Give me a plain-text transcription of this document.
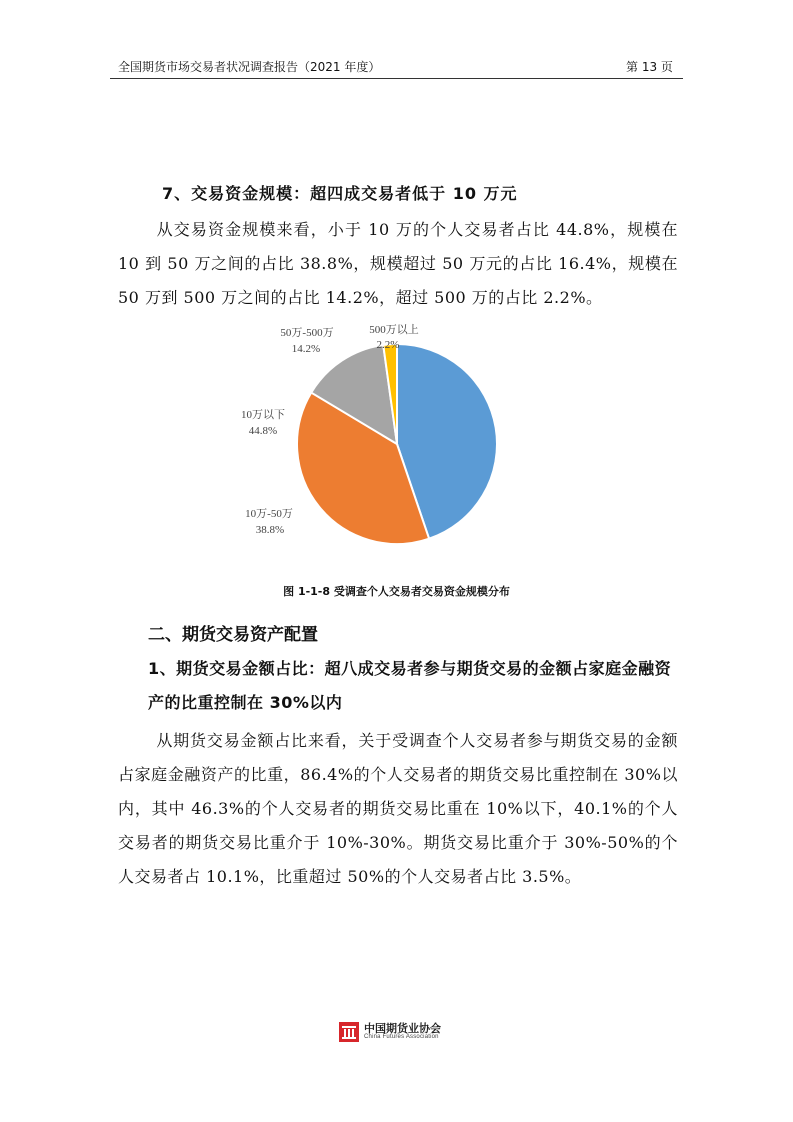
全国期货市场交易者状况调查报告（2021 年度）	第 13 页
7、交易资金规模：超四成交易者低于 10 万元
从交易资金规模来看，小于 10 万的个人交易者占比 44.8%，规模在 10 到 50 万之间的占比 38.8%，规模超过 50 万元的占比 16.4%，规模在 50 万到 500 万之间的占比 14.2%，超过 500 万的占比 2.2%。
10万以下
44.8%
10万-50万
38.8%
50万-500万
14.2%
500万以上
2.2%
图 1-1-8 受调查个人交易者交易资金规模分布
二、期货交易资产配置
1、期货交易金额占比：超八成交易者参与期货交易的金额占家庭金融资产的比重控制在 30%以内
从期货交易金额占比来看，关于受调查个人交易者参与期货交易的金额占家庭金融资产的比重，86.4%的个人交易者的期货交易比重控制在 30%以内，其中 46.3%的个人交易者的期货交易比重在 10%以下，40.1%的个人交易者的期货交易比重介于 10%-30%。期货交易比重介于 30%-50%的个人交易者占 10.1%，比重超过 50%的个人交易者占比 3.5%。
中国期货业协会
China Futures Association
